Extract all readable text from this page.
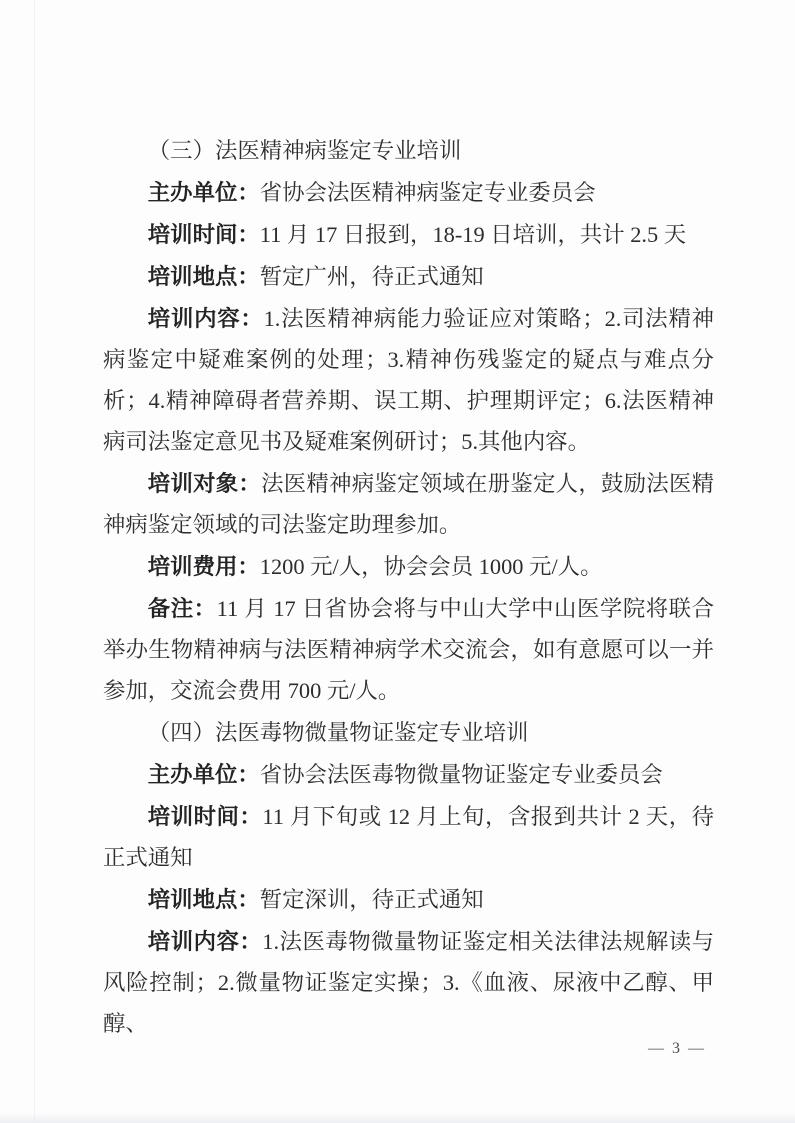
（三）法医精神病鉴定专业培训

主办单位：省协会法医精神病鉴定专业委员会

培训时间：11 月 17 日报到，18-19 日培训，共计 2.5 天

培训地点：暂定广州，待正式通知

培训内容：1.法医精神病能力验证应对策略；2.司法精神病鉴定中疑难案例的处理；3.精神伤残鉴定的疑点与难点分析；4.精神障碍者营养期、误工期、护理期评定；6.法医精神病司法鉴定意见书及疑难案例研讨；5.其他内容。

培训对象：法医精神病鉴定领域在册鉴定人，鼓励法医精神病鉴定领域的司法鉴定助理参加。

培训费用：1200 元/人，协会会员 1000 元/人。

备注：11 月 17 日省协会将与中山大学中山医学院将联合举办生物精神病与法医精神病学术交流会，如有意愿可以一并参加，交流会费用 700 元/人。

（四）法医毒物微量物证鉴定专业培训

主办单位：省协会法医毒物微量物证鉴定专业委员会

培训时间：11 月下旬或 12 月上旬，含报到共计 2 天，待正式通知

培训地点：暂定深训，待正式通知

培训内容：1.法医毒物微量物证鉴定相关法律法规解读与风险控制；2.微量物证鉴定实操；3.《血液、尿液中乙醇、甲醇、

— 3 —
